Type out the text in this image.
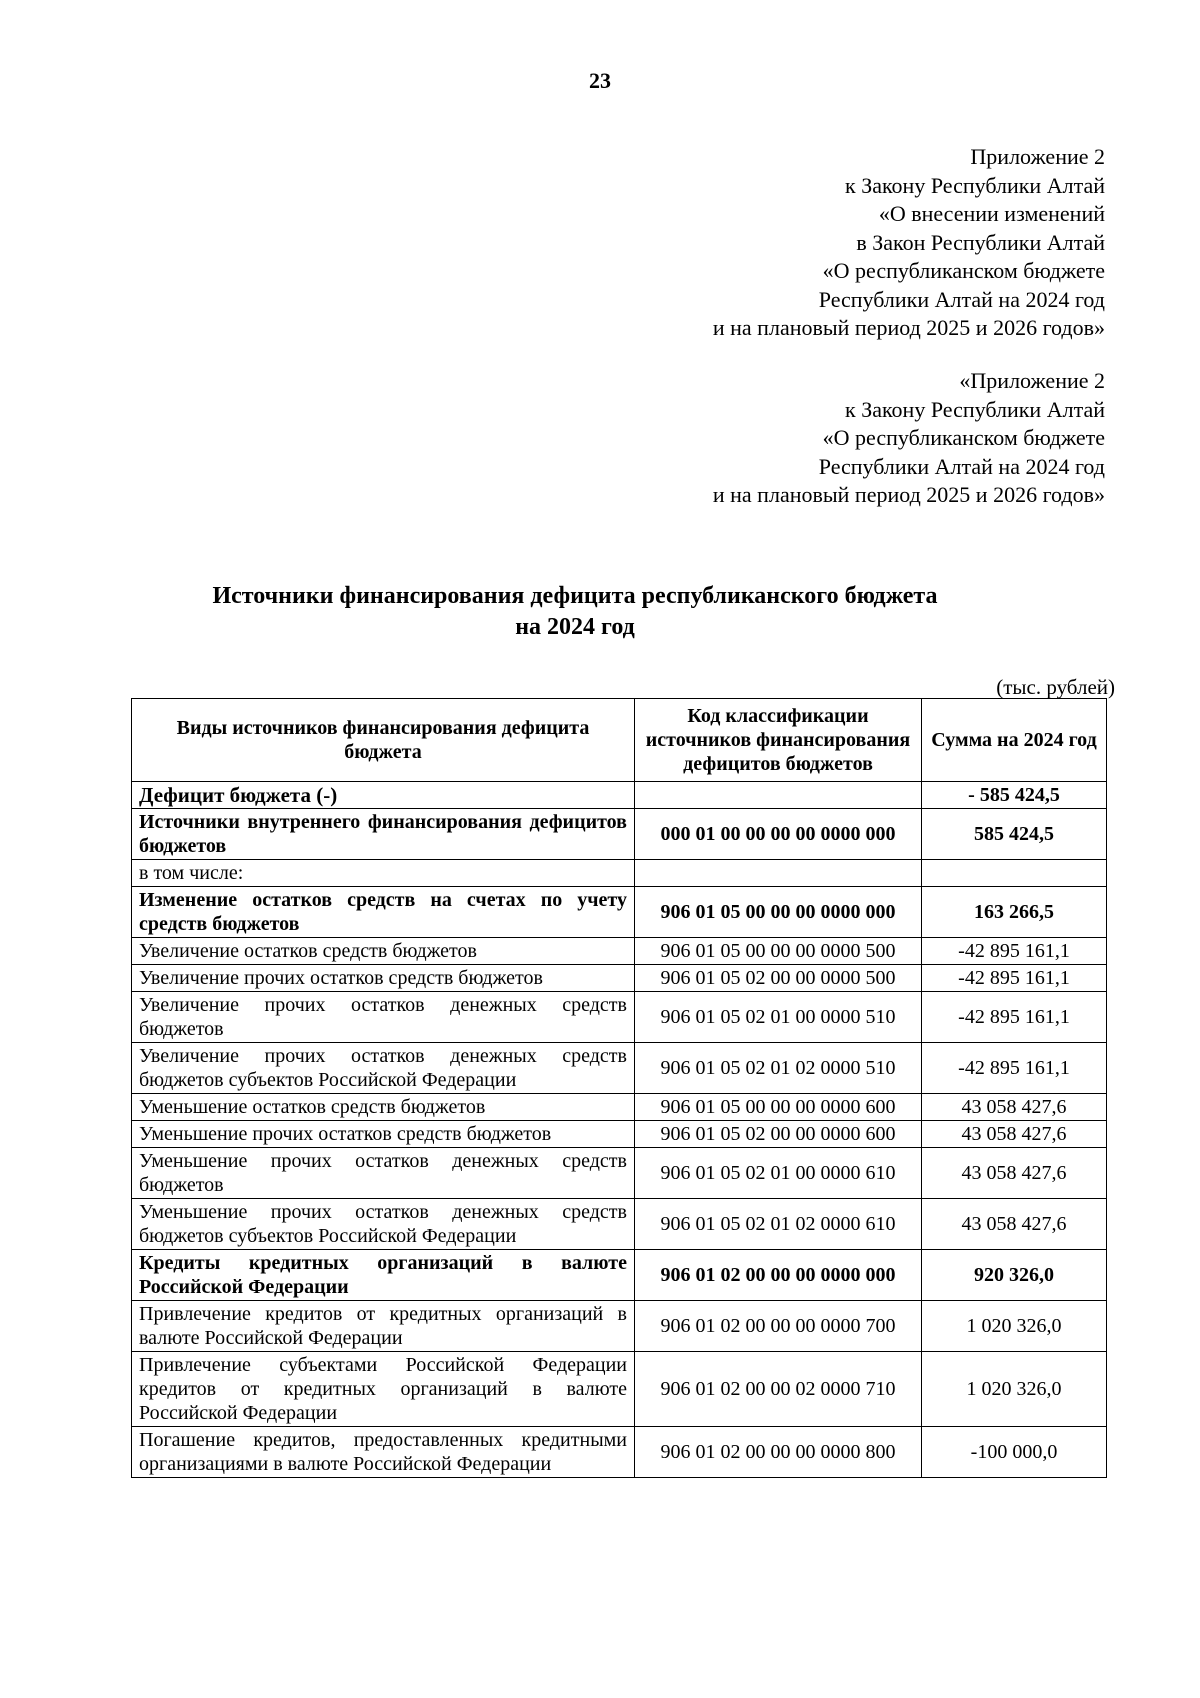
23
Приложение 2
к Закону Республики Алтай
«О внесении изменений
в Закон Республики Алтай
«О республиканском бюджете
Республики Алтай на 2024 год
и на плановый период 2025 и 2026 годов»
«Приложение 2
к Закону Республики Алтай
«О республиканском бюджете
Республики Алтай на 2024 год
и на плановый период 2025 и 2026 годов»
Источники финансирования дефицита республиканского бюджета
на 2024 год
(тыс. рублей)
Виды источников финансирования дефицита бюджета	Код классификации источников финансирования дефицитов бюджетов	Сумма на 2024 год
Дефицит бюджета (-)		- 585 424,5
Источники внутреннего финансирования дефицитов бюджетов	000 01 00 00 00 00 0000 000	585 424,5
в том числе:		
Изменение остатков средств на счетах по учету средств бюджетов	906 01 05 00 00 00 0000 000	163 266,5
Увеличение остатков средств бюджетов	906 01 05 00 00 00 0000 500	-42 895 161,1
Увеличение прочих остатков средств бюджетов	906 01 05 02 00 00 0000 500	-42 895 161,1
Увеличение прочих остатков денежных средств бюджетов	906 01 05 02 01 00 0000 510	-42 895 161,1
Увеличение прочих остатков денежных средств бюджетов субъектов Российской Федерации	906 01 05 02 01 02 0000 510	-42 895 161,1
Уменьшение остатков средств бюджетов	906 01 05 00 00 00 0000 600	43 058 427,6
Уменьшение прочих остатков средств бюджетов	906 01 05 02 00 00 0000 600	43 058 427,6
Уменьшение прочих остатков денежных средств бюджетов	906 01 05 02 01 00 0000 610	43 058 427,6
Уменьшение прочих остатков денежных средств бюджетов субъектов Российской Федерации	906 01 05 02 01 02 0000 610	43 058 427,6
Кредиты кредитных организаций в валюте Российской Федерации	906 01 02 00 00 00 0000 000	920 326,0
Привлечение кредитов от кредитных организаций в валюте Российской Федерации	906 01 02 00 00 00 0000 700	1 020 326,0
Привлечение субъектами Российской Федерации кредитов от кредитных организаций в валюте Российской Федерации	906 01 02 00 00 02 0000 710	1 020 326,0
Погашение кредитов, предоставленных кредитными организациями в валюте Российской Федерации	906 01 02 00 00 00 0000 800	-100 000,0
